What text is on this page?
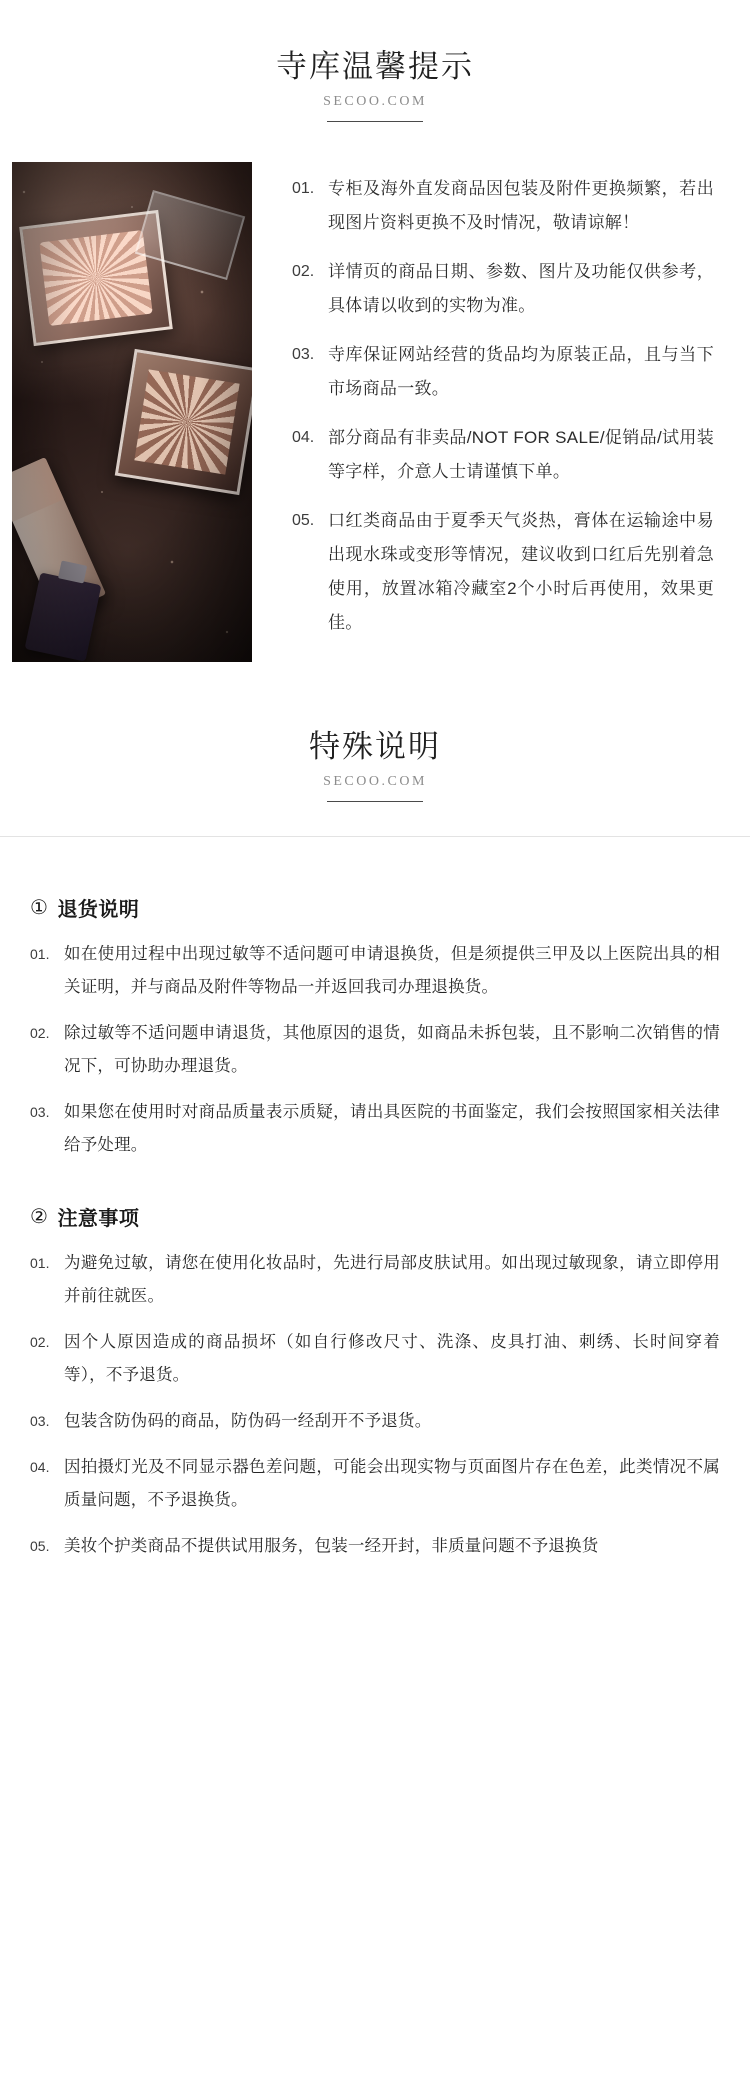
寺库温馨提示
SECOO.COM
01. 专柜及海外直发商品因包装及附件更换频繁，若出现图片资料更换不及时情况，敬请谅解！
02. 详情页的商品日期、参数、图片及功能仅供参考，具体请以收到的实物为准。
03. 寺库保证网站经营的货品均为原装正品，且与当下市场商品一致。
04. 部分商品有非卖品/NOT FOR SALE/促销品/试用装等字样，介意人士请谨慎下单。
05. 口红类商品由于夏季天气炎热，膏体在运输途中易出现水珠或变形等情况，建议收到口红后先别着急使用，放置冰箱冷藏室2个小时后再使用，效果更佳。
特殊说明
SECOO.COM
① 退货说明
01. 如在使用过程中出现过敏等不适问题可申请退换货，但是须提供三甲及以上医院出具的相关证明，并与商品及附件等物品一并返回我司办理退换货。
02. 除过敏等不适问题申请退货，其他原因的退货，如商品未拆包装，且不影响二次销售的情况下，可协助办理退货。
03. 如果您在使用时对商品质量表示质疑，请出具医院的书面鉴定，我们会按照国家相关法律给予处理。
② 注意事项
01. 为避免过敏，请您在使用化妆品时，先进行局部皮肤试用。如出现过敏现象，请立即停用并前往就医。
02. 因个人原因造成的商品损坏（如自行修改尺寸、洗涤、皮具打油、刺绣、长时间穿着等），不予退货。
03. 包装含防伪码的商品，防伪码一经刮开不予退货。
04. 因拍摄灯光及不同显示器色差问题，可能会出现实物与页面图片存在色差，此类情况不属质量问题，不予退换货。
05. 美妆个护类商品不提供试用服务，包装一经开封，非质量问题不予退换货
